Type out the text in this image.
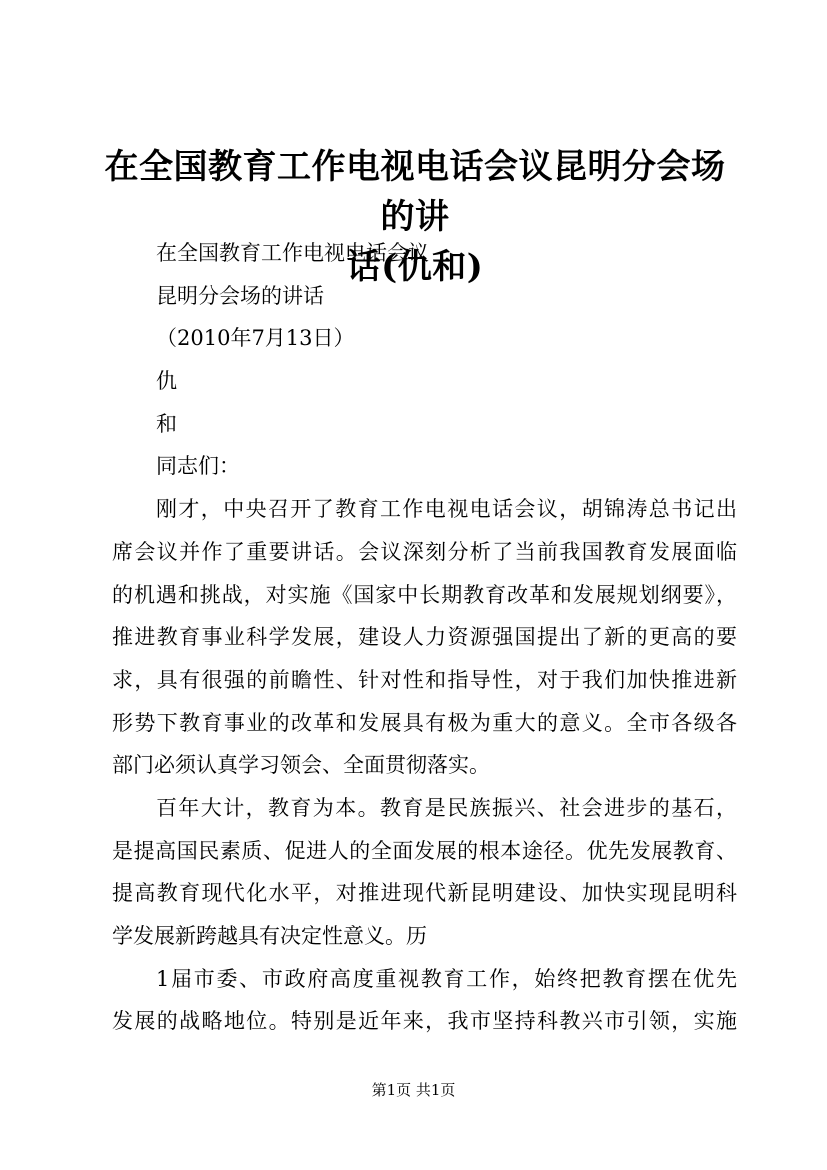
在全国教育工作电视电话会议昆明分会场的讲
话(仇和)

在全国教育工作电视电话会议

昆明分会场的讲话

（2010年7月13日）

仇

和

同志们：

刚才，中央召开了教育工作电视电话会议，胡锦涛总书记出

席会议并作了重要讲话。会议深刻分析了当前我国教育发展面临

的机遇和挑战，对实施《国家中长期教育改革和发展规划纲要》，

推进教育事业科学发展，建设人力资源强国提出了新的更高的要

求，具有很强的前瞻性、针对性和指导性，对于我们加快推进新

形势下教育事业的改革和发展具有极为重大的意义。全市各级各

部门必须认真学习领会、全面贯彻落实。

百年大计，教育为本。教育是民族振兴、社会进步的基石，

是提高国民素质、促进人的全面发展的根本途径。优先发展教育、

提高教育现代化水平，对推进现代新昆明建设、加快实现昆明科

学发展新跨越具有决定性意义。历

1届市委、市政府高度重视教育工作，始终把教育摆在优先

发展的战略地位。特别是近年来，我市坚持科教兴市引领，实施

第1页 共1页
